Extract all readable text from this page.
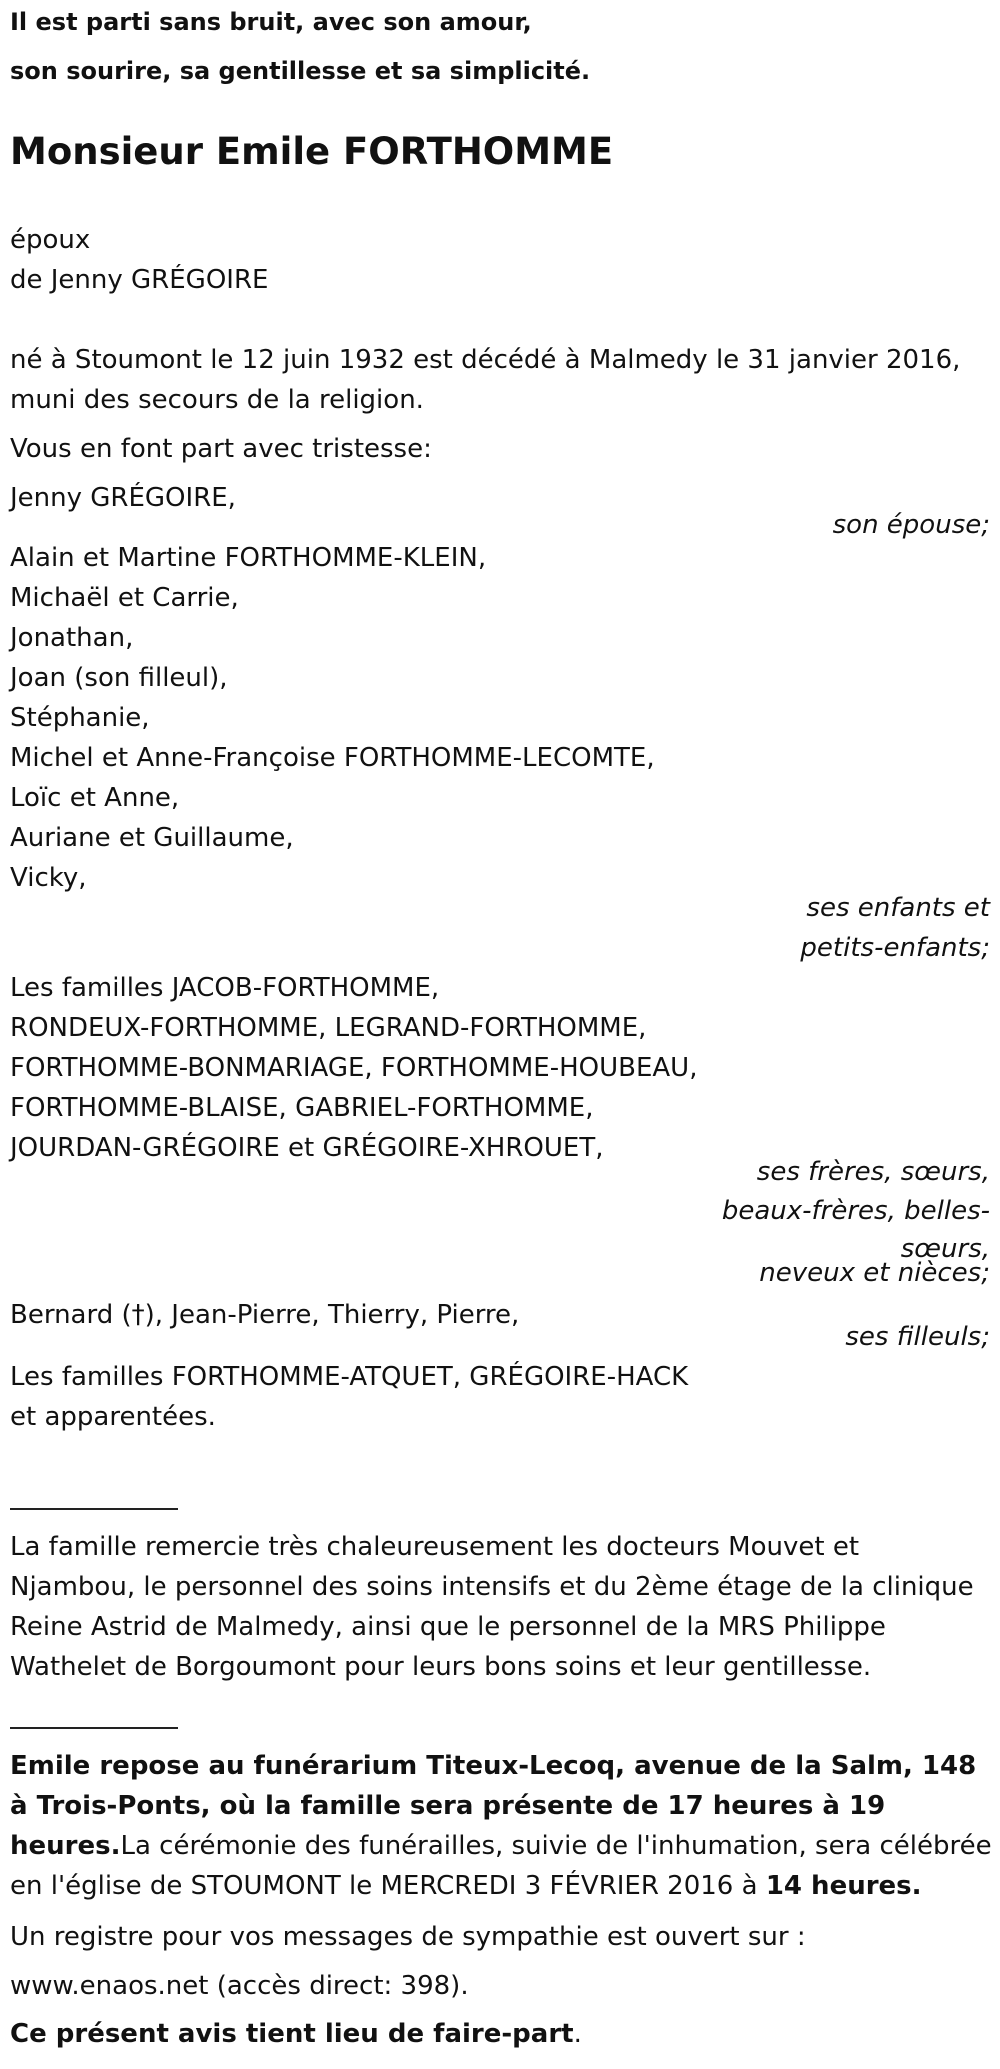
Il est parti sans bruit, avec son amour,
son sourire, sa gentillesse et sa simplicité.
Monsieur Emile FORTHOMME
époux
de Jenny GRÉGOIRE
né à Stoumont le 12 juin 1932 est décédé à Malmedy le 31 janvier 2016,
muni des secours de la religion.
Vous en font part avec tristesse:
Jenny GRÉGOIRE,
son épouse;
Alain et Martine FORTHOMME-KLEIN,
Michaël et Carrie,
Jonathan,
Joan (son filleul),
Stéphanie,
Michel et Anne-Françoise FORTHOMME-LECOMTE,
Loïc et Anne,
Auriane et Guillaume,
Vicky,
ses enfants et
petits-enfants;
Les familles JACOB-FORTHOMME,
RONDEUX-FORTHOMME, LEGRAND-FORTHOMME,
FORTHOMME-BONMARIAGE, FORTHOMME-HOUBEAU,
FORTHOMME-BLAISE, GABRIEL-FORTHOMME,
JOURDAN-GRÉGOIRE et GRÉGOIRE-XHROUET,
ses frères, sœurs,
beaux-frères, belles-
sœurs,
neveux et nièces;
Bernard (†), Jean-Pierre, Thierry, Pierre,
ses filleuls;
Les familles FORTHOMME-ATQUET, GRÉGOIRE-HACK
et apparentées.
La famille remercie très chaleureusement les docteurs Mouvet et
Njambou, le personnel des soins intensifs et du 2ème étage de la clinique
Reine Astrid de Malmedy, ainsi que le personnel de la MRS Philippe
Wathelet de Borgoumont pour leurs bons soins et leur gentillesse.
Emile repose au funérarium Titeux-Lecoq, avenue de la Salm, 148 à Trois-Ponts, où la famille sera présente de 17 heures à 19 heures.La cérémonie des funérailles, suivie de l'inhumation, sera célébrée en l'église de STOUMONT le MERCREDI 3 FÉVRIER 2016 à 14 heures.
Un registre pour vos messages de sympathie est ouvert sur :
www.enaos.net (accès direct: 398).
Ce présent avis tient lieu de faire-part.
